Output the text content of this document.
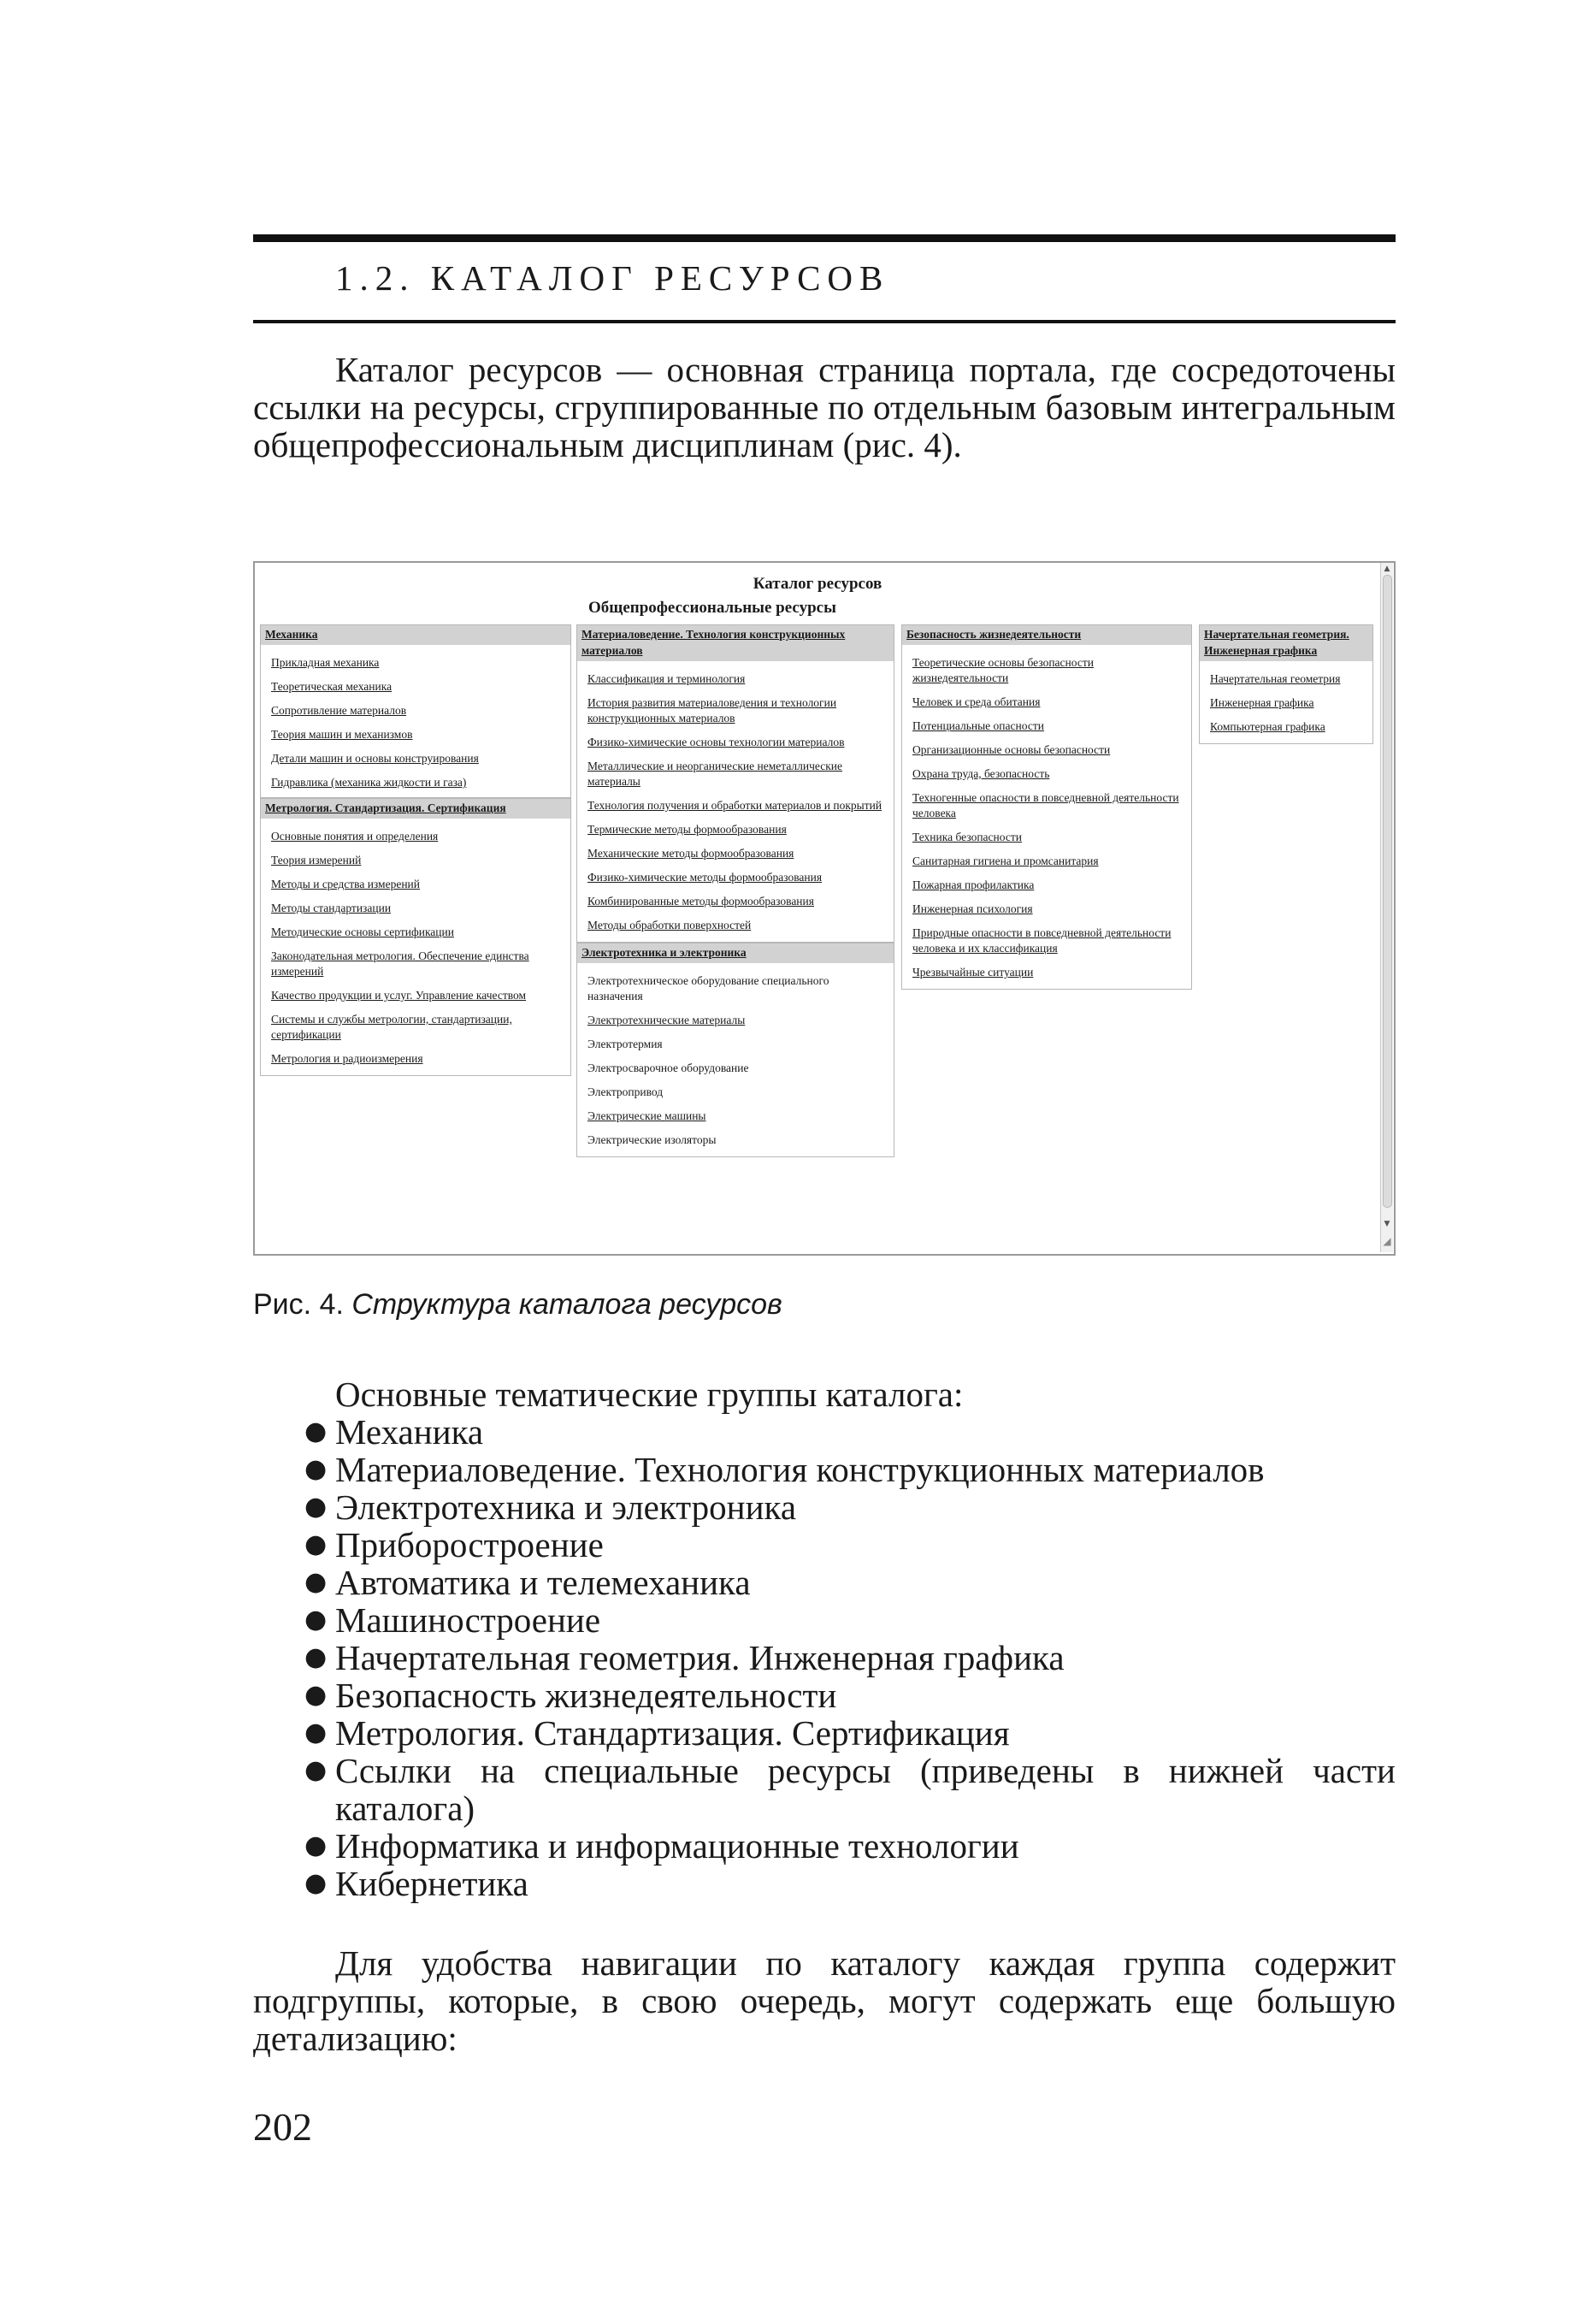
1.2. КАТАЛОГ РЕСУРСОВ

Каталог ресурсов — основная страница портала, где сосредоточены ссылки на ресурсы, сгруппированные по отдельным базовым интегральным общепрофессиональным дисциплинам (рис. 4).

Каталог ресурсов
Общепрофессиональные ресурсы
Механика
Прикладная механика
Теоретическая механика
Сопротивление материалов
Теория машин и механизмов
Детали машин и основы конструирования
Гидравлика (механика жидкости и газа)
Метрология. Стандартизация. Сертификация
Основные понятия и определения
Теория измерений
Методы и средства измерений
Методы стандартизации
Методические основы сертификации
Законодательная метрология. Обеспечение единства измерений
Качество продукции и услуг. Управление качеством
Системы и службы метрологии, стандартизации, сертификации
Метрология и радиоизмерения
Материаловедение. Технология конструкционных материалов
Классификация и терминология
История развития материаловедения и технологии конструкционных материалов
Физико-химические основы технологии материалов
Металлические и неорганические неметаллические материалы
Технология получения и обработки материалов и покрытий
Термические методы формообразования
Механические методы формообразования
Физико-химические методы формообразования
Комбинированные методы формообразования
Методы обработки поверхностей
Электротехника и электроника
Электротехническое оборудование специального назначения
Электротехнические материалы
Электротермия
Электросварочное оборудование
Электропривод
Электрические машины
Электрические изоляторы
Безопасность жизнедеятельности
Теоретические основы безопасности жизнедеятельности
Человек и среда обитания
Потенциальные опасности
Организационные основы безопасности
Охрана труда, безопасность
Техногенные опасности в повседневной деятельности человека
Техника безопасности
Санитарная гигиена и промсанитария
Пожарная профилактика
Инженерная психология
Природные опасности в повседневной деятельности человека и их классификация
Чрезвычайные ситуации
Начертательная геометрия. Инженерная графика
Начертательная геометрия
Инженерная графика
Компьютерная графика
▲
▼
◢

Рис. 4. Структура каталога ресурсов

Основные тематические группы каталога:

● Механика
● Материаловедение. Технология конструкционных материалов
● Электротехника и электроника
● Приборостроение
● Автоматика и телемеханика
● Машиностроение
● Начертательная геометрия. Инженерная графика
● Безопасность жизнедеятельности
● Метрология. Стандартизация. Сертификация
● Ссылки на специальные ресурсы (приведены в нижней части каталога)
● Информатика и информационные технологии
● Кибернетика

Для удобства навигации по каталогу каждая группа содержит подгруппы, которые, в свою очередь, могут содержать еще большую детализацию:

202
